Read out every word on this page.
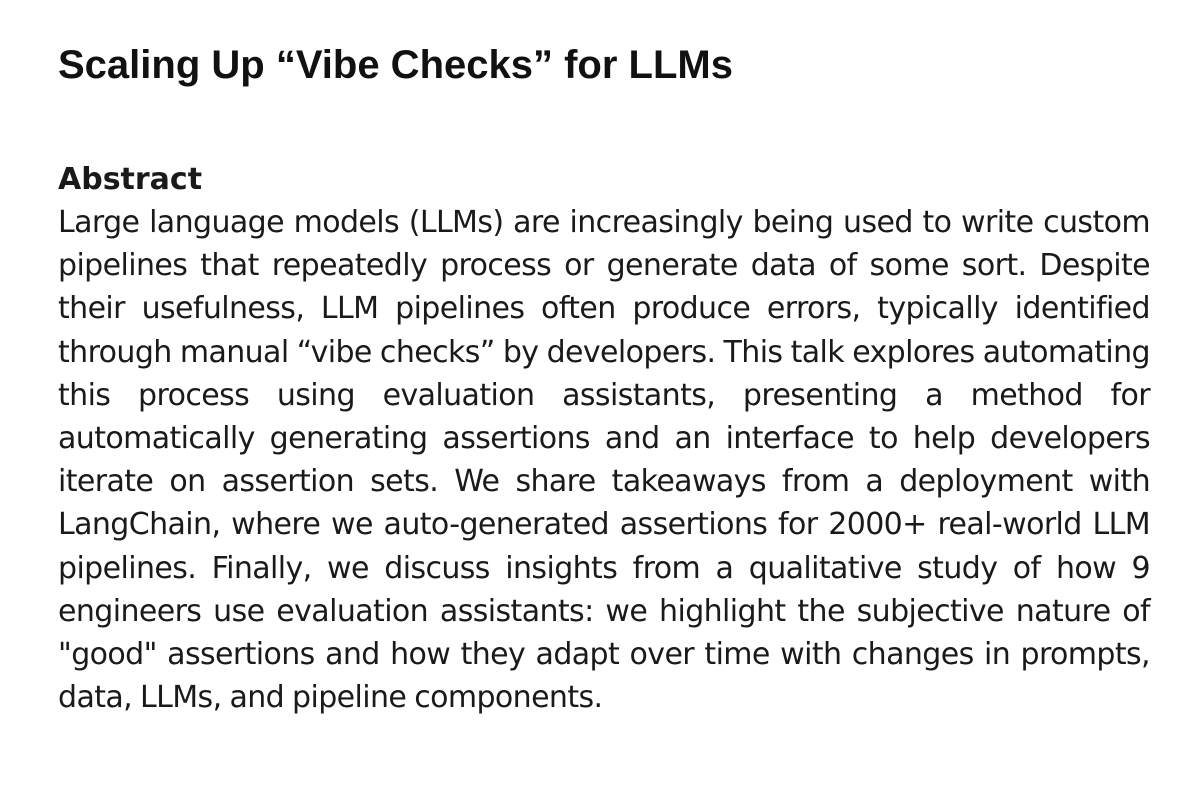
Scaling Up “Vibe Checks” for LLMs
Abstract

Large language models (LLMs) are increasingly being used to write custom pipelines that repeatedly process or generate data of some sort. Despite their usefulness, LLM pipelines often produce errors, typically identified through manual “vibe checks” by developers. This talk explores automating this process using evaluation assistants, presenting a method for automatically generating assertions and an interface to help developers iterate on assertion sets. We share takeaways from a deployment with LangChain, where we auto-generated assertions for 2000+ real-world LLM pipelines. Finally, we discuss insights from a qualitative study of how 9 engineers use evaluation assistants: we highlight the subjective nature of "good" assertions and how they adapt over time with changes in prompts, data, LLMs, and pipeline components.
